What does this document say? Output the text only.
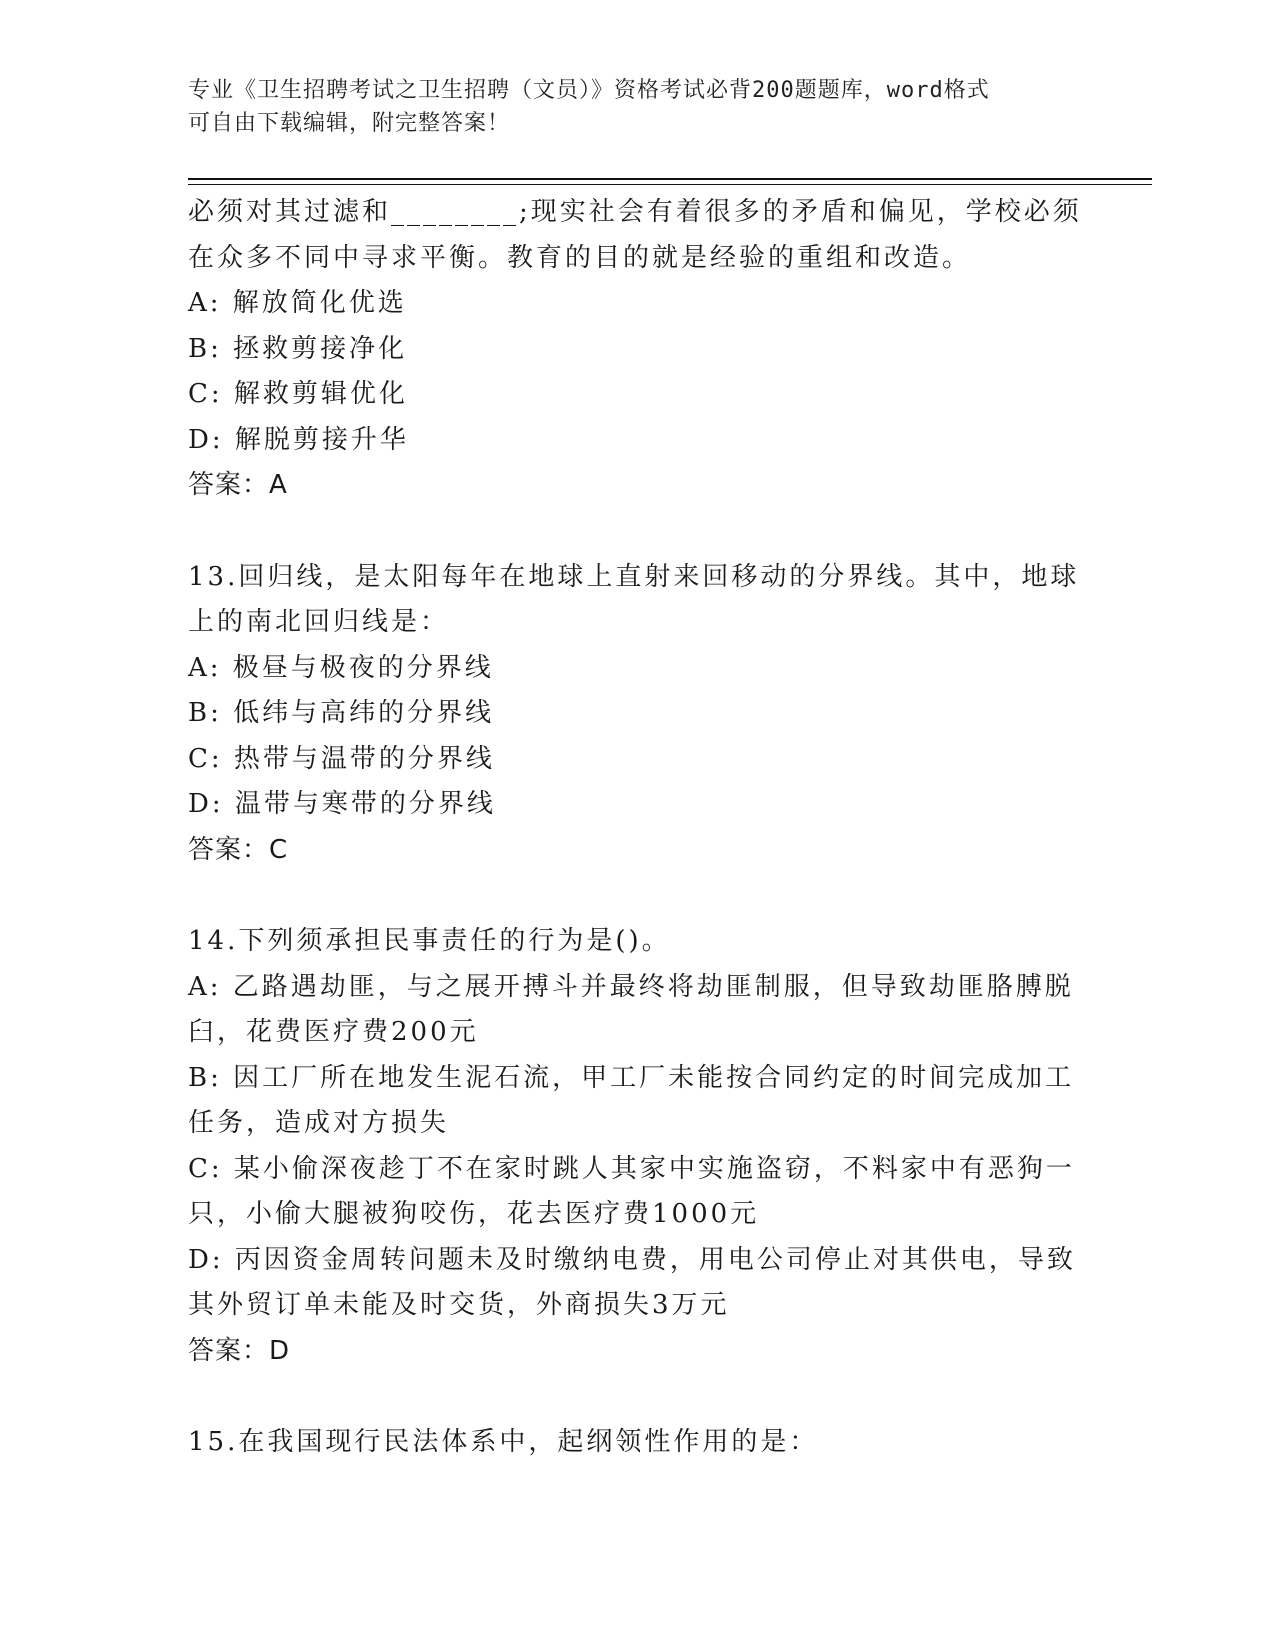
专业《卫生招聘考试之卫生招聘（文员）》资格考试必背200题题库，word格式
可自由下载编辑，附完整答案！
必须对其过滤和________;现实社会有着很多的矛盾和偏见，学校必须
在众多不同中寻求平衡。教育的目的就是经验的重组和改造。
A: 解放简化优选
B: 拯救剪接净化
C: 解救剪辑优化
D: 解脱剪接升华
答案：A
13.回归线，是太阳每年在地球上直射来回移动的分界线。其中，地球
上的南北回归线是：
A: 极昼与极夜的分界线
B: 低纬与高纬的分界线
C: 热带与温带的分界线
D: 温带与寒带的分界线
答案：C
14.下列须承担民事责任的行为是()。
A: 乙路遇劫匪，与之展开搏斗并最终将劫匪制服，但导致劫匪胳膊脱
臼，花费医疗费200元
B: 因工厂所在地发生泥石流，甲工厂未能按合同约定的时间完成加工
任务，造成对方损失
C: 某小偷深夜趁丁不在家时跳人其家中实施盗窃，不料家中有恶狗一
只，小偷大腿被狗咬伤，花去医疗费1000元
D: 丙因资金周转问题未及时缴纳电费，用电公司停止对其供电，导致
其外贸订单未能及时交货，外商损失3万元
答案：D
15.在我国现行民法体系中，起纲领性作用的是：
